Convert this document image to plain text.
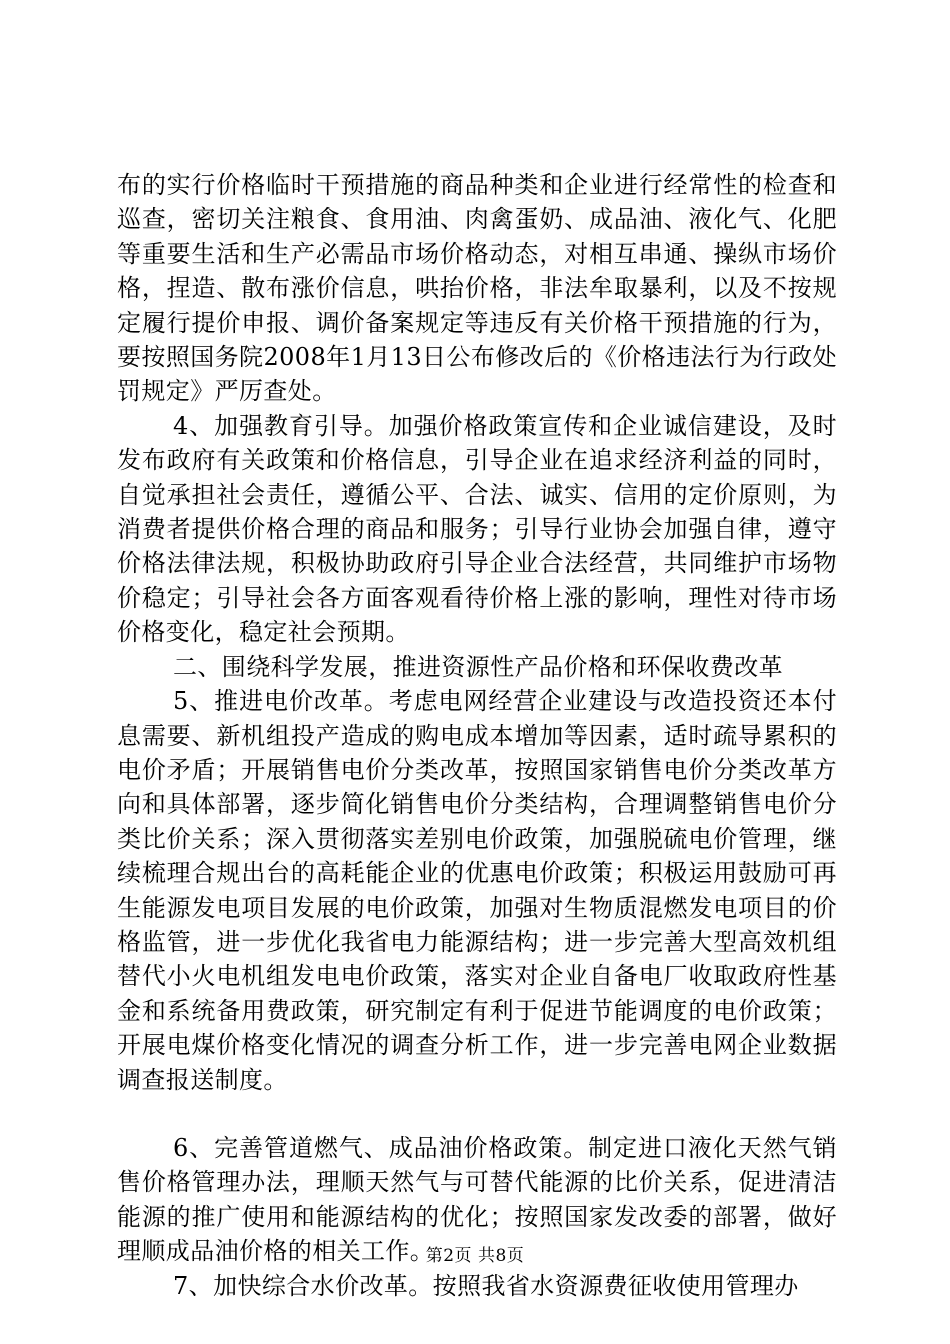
布的实行价格临时干预措施的商品种类和企业进行经常性的检查和巡查，密切关注粮食、食用油、肉禽蛋奶、成品油、液化气、化肥等重要生活和生产必需品市场价格动态，对相互串通、操纵市场价格，捏造、散布涨价信息，哄抬价格，非法牟取暴利，以及不按规定履行提价申报、调价备案规定等违反有关价格干预措施的行为，要按照国务院2008年1月13日公布修改后的《价格违法行为行政处罚规定》严厉查处。

4、加强教育引导。加强价格政策宣传和企业诚信建设，及时发布政府有关政策和价格信息，引导企业在追求经济利益的同时，自觉承担社会责任，遵循公平、合法、诚实、信用的定价原则，为消费者提供价格合理的商品和服务；引导行业协会加强自律，遵守价格法律法规，积极协助政府引导企业合法经营，共同维护市场物价稳定；引导社会各方面客观看待价格上涨的影响，理性对待市场价格变化，稳定社会预期。

二、围绕科学发展，推进资源性产品价格和环保收费改革

5、推进电价改革。考虑电网经营企业建设与改造投资还本付息需要、新机组投产造成的购电成本增加等因素，适时疏导累积的电价矛盾；开展销售电价分类改革，按照国家销售电价分类改革方向和具体部署，逐步简化销售电价分类结构，合理调整销售电价分类比价关系；深入贯彻落实差别电价政策，加强脱硫电价管理，继续梳理合规出台的高耗能企业的优惠电价政策；积极运用鼓励可再生能源发电项目发展的电价政策，加强对生物质混燃发电项目的价格监管，进一步优化我省电力能源结构；进一步完善大型高效机组替代小火电机组发电电价政策，落实对企业自备电厂收取政府性基金和系统备用费政策，研究制定有利于促进节能调度的电价政策；开展电煤价格变化情况的调查分析工作，进一步完善电网企业数据调查报送制度。

6、完善管道燃气、成品油价格政策。制定进口液化天然气销售价格管理办法，理顺天然气与可替代能源的比价关系，促进清洁能源的推广使用和能源结构的优化；按照国家发改委的部署，做好理顺成品油价格的相关工作。

7、加快综合水价改革。按照我省水资源费征收使用管理办

第2页 共8页
